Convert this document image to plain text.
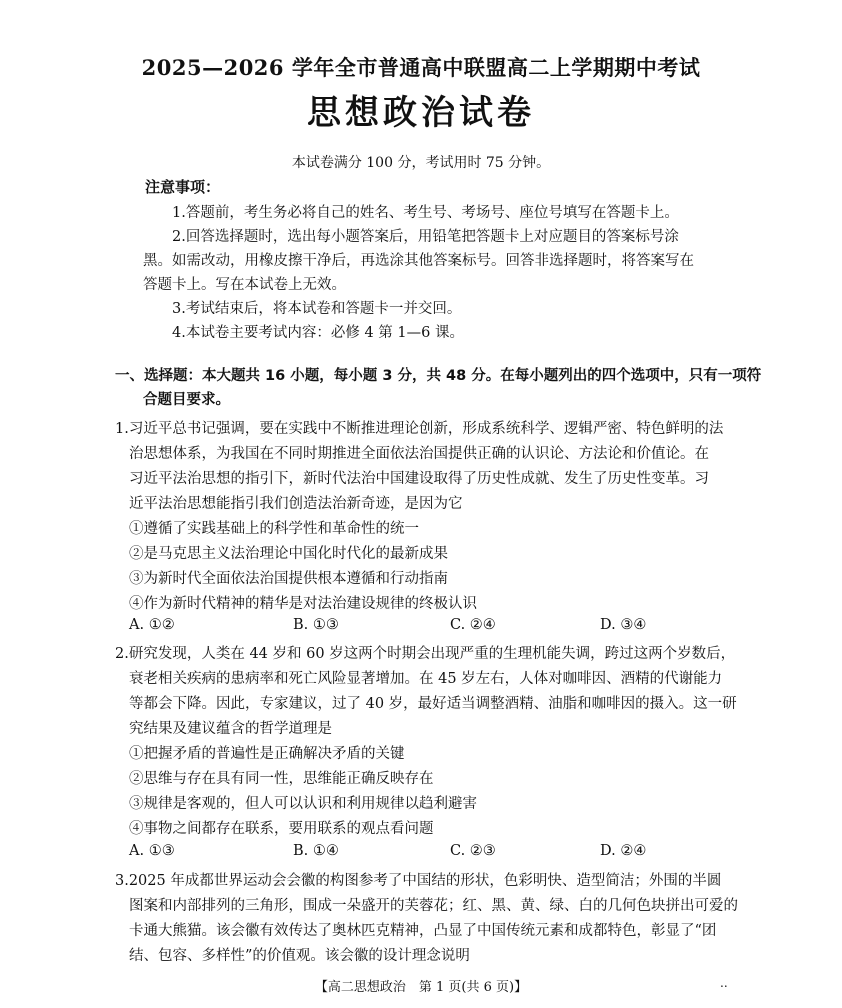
2025—2026 学年全市普通高中联盟高二上学期期中考试
思想政治试卷
本试卷满分 100 分，考试用时 75 分钟。
注意事项：
1.答题前，考生务必将自己的姓名、考生号、考场号、座位号填写在答题卡上。
2.回答选择题时，选出每小题答案后，用铅笔把答题卡上对应题目的答案标号涂
黑。如需改动，用橡皮擦干净后，再选涂其他答案标号。回答非选择题时，将答案写在
答题卡上。写在本试卷上无效。
3.考试结束后，将本试卷和答题卡一并交回。
4.本试卷主要考试内容：必修 4 第 1—6 课。
一、选择题：本大题共 16 小题，每小题 3 分，共 48 分。在每小题列出的四个选项中，只有一项符
合题目要求。
1.习近平总书记强调，要在实践中不断推进理论创新，形成系统科学、逻辑严密、特色鲜明的法
治思想体系，为我国在不同时期推进全面依法治国提供正确的认识论、方法论和价值论。在
习近平法治思想的指引下，新时代法治中国建设取得了历史性成就、发生了历史性变革。习
近平法治思想能指引我们创造法治新奇迹，是因为它
①遵循了实践基础上的科学性和革命性的统一
②是马克思主义法治理论中国化时代化的最新成果
③为新时代全面依法治国提供根本遵循和行动指南
④作为新时代精神的精华是对法治建设规律的终极认识
A. ①②	B. ①③	C. ②④	D. ③④
2.研究发现，人类在 44 岁和 60 岁这两个时期会出现严重的生理机能失调，跨过这两个岁数后，
衰老相关疾病的患病率和死亡风险显著增加。在 45 岁左右，人体对咖啡因、酒精的代谢能力
等都会下降。因此，专家建议，过了 40 岁，最好适当调整酒精、油脂和咖啡因的摄入。这一研
究结果及建议蕴含的哲学道理是
①把握矛盾的普遍性是正确解决矛盾的关键
②思维与存在具有同一性，思维能正确反映存在
③规律是客观的，但人可以认识和利用规律以趋利避害
④事物之间都存在联系，要用联系的观点看问题
A. ①③	B. ①④	C. ②③	D. ②④
3.2025 年成都世界运动会会徽的构图参考了中国结的形状，色彩明快、造型简洁；外围的半圆
图案和内部排列的三角形，围成一朵盛开的芙蓉花；红、黑、黄、绿、白的几何色块拼出可爱的
卡通大熊猫。该会徽有效传达了奥林匹克精神，凸显了中国传统元素和成都特色，彰显了“团
结、包容、多样性”的价值观。该会徽的设计理念说明
【高二思想政治　第 1 页(共 6 页)】	..
